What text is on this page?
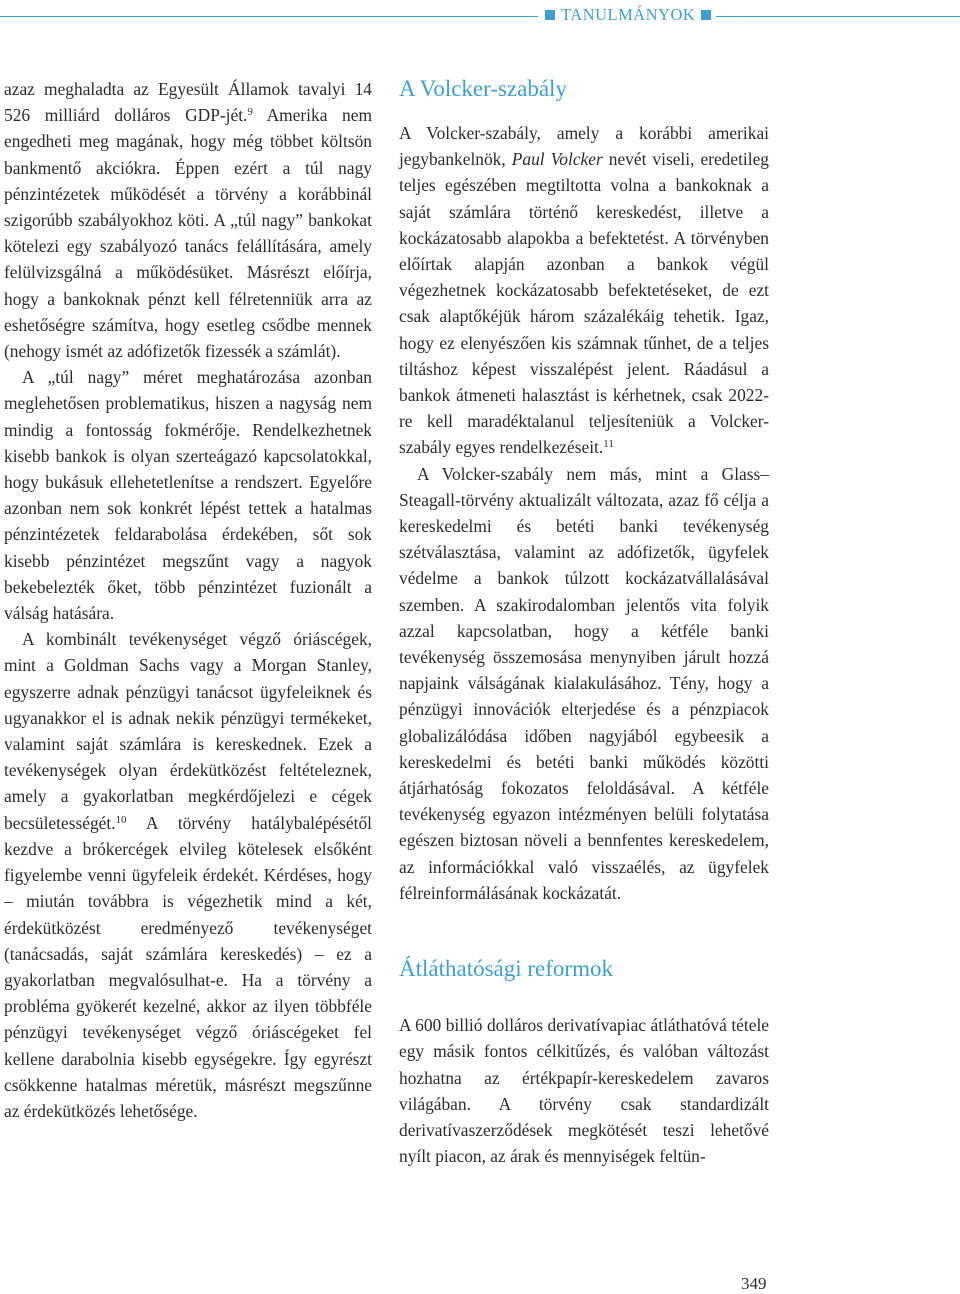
TANULMÁNYOK

azaz meghaladta az Egyesült Államok tavalyi 14 526 milliárd dolláros GDP-jét.$^9$ Amerika nem engedheti meg magának, hogy még többet költsön bankmentő akciókra. Éppen ezért a túl nagy pénzintézetek működését a törvény a korábbinál szigorúbb szabályokhoz köti. A „túl nagy” bankokat kötelezi egy szabályozó tanács felállítására, amely felülvizsgálná a működésüket. Másrészt előírja, hogy a bankoknak pénzt kell félretenniük arra az eshetőségre számítva, hogy esetleg csődbe mennek (nehogy ismét az adófizetők fizessék a számlát).

A „túl nagy” méret meghatározása azonban meglehetősen problematikus, hiszen a nagyság nem mindig a fontosság fokmérője. Rendelkezhetnek kisebb bankok is olyan szerteágazó kapcsolatokkal, hogy bukásuk ellehetetlenítse a rendszert. Egyelőre azonban nem sok konkrét lépést tettek a hatalmas pénzintézetek feldarabolása érdekében, sőt sok kisebb pénzintézet megszűnt vagy a nagyok bekebelezték őket, több pénzintézet fuzionált a válság hatására.

A kombinált tevékenységet végző óriáscégek, mint a Goldman Sachs vagy a Morgan Stanley, egyszerre adnak pénzügyi tanácsot ügyfeleiknek és ugyanakkor el is adnak nekik pénzügyi termékeket, valamint saját számlára is kereskednek. Ezek a tevékenységek olyan érdekütközést feltételeznek, amely a gyakorlatban megkérdőjelezi e cégek becsületességét.$^{10}$ A törvény hatálybalépésétől kezdve a brókercégek elvileg kötelesek elsőként figyelembe venni ügyfeleik érdekét. Kérdéses, hogy – miután továbbra is végezhetik mind a két, érdekütközést eredményező tevékenységet (tanácsadás, saját számlára kereskedés) – ez a gyakorlatban megvalósulhat-e. Ha a törvény a probléma gyökerét kezelné, akkor az ilyen többféle pénzügyi tevékenységet végző óriáscégeket fel kellene darabolnia kisebb egységekre. Így egyrészt csökkenne hatalmas méretük, másrészt megszűnne az érdekütközés lehetősége.

A Volcker-szabály

A Volcker-szabály, amely a korábbi amerikai jegybankelnök, Paul Volcker nevét viseli, eredetileg teljes egészében megtiltotta volna a bankoknak a saját számlára történő kereskedést, illetve a kockázatosabb alapokba a befektetést. A törvényben előírtak alapján azonban a bankok végül végezhetnek kockázatosabb befektetéseket, de ezt csak alaptőkéjük három százalékáig tehetik. Igaz, hogy ez elenyészően kis számnak tűnhet, de a teljes tiltáshoz képest visszalépést jelent. Ráadásul a bankok átmeneti halasztást is kérhetnek, csak 2022-re kell maradéktalanul teljesíteniük a Volcker-szabály egyes rendelkezéseit.$^{11}$

A Volcker-szabály nem más, mint a Glass–Steagall-törvény aktualizált változata, azaz fő célja a kereskedelmi és betéti banki tevékenység szétválasztása, valamint az adófizetők, ügyfelek védelme a bankok túlzott kockázatvállalásával szemben. A szakirodalomban jelentős vita folyik azzal kapcsolatban, hogy a kétféle banki tevékenység összemosása menynyiben járult hozzá napjaink válságának kialakulásához. Tény, hogy a pénzügyi innovációk elterjedése és a pénzpiacok globalizálódása időben nagyjából egybeesik a kereskedelmi és betéti banki működés közötti átjárhatóság fokozatos feloldásával. A kétféle tevékenység egyazon intézményen belüli folytatása egészen biztosan növeli a bennfentes kereskedelem, az információkkal való visszaélés, az ügyfelek félreinformálásának kockázatát.

Átláthatósági reformok

A 600 billió dolláros derivatívapiac átláthatóvá tétele egy másik fontos célkitűzés, és valóban változást hozhatna az értékpapír-kereskedelem zavaros világában. A törvény csak standardizált derivatívaszerződések megkötését teszi lehetővé nyílt piacon, az árak és mennyiségek feltün-

349
